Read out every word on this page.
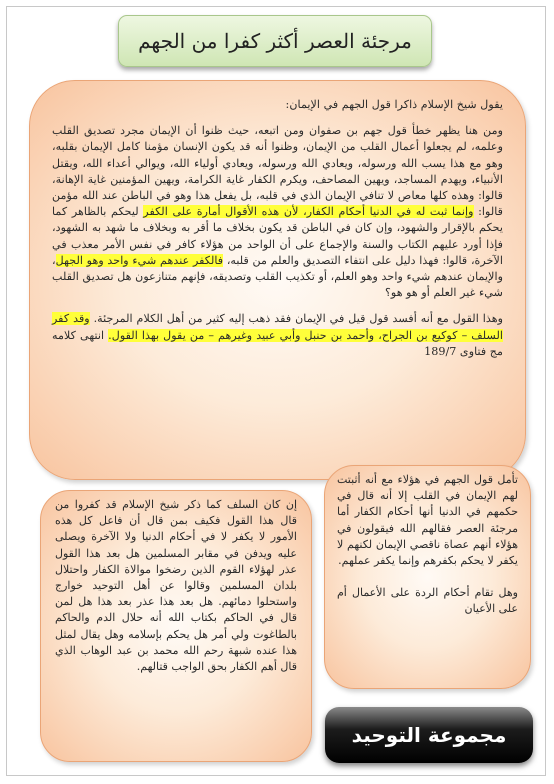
مرجئة العصر أكثر كفرا من الجهم

يقول شيخ الإسلام ذاكرا قول الجهم في الإيمان:

ومن هنا يظهر خطأ قول جهم بن صفوان ومن اتبعه، حيث ظنوا أن الإيمان مجرد تصديق القلب وعلمه، لم يجعلوا أعمال القلب من الإيمان، وظنوا أنه قد يكون الإنسان مؤمنا كامل الإيمان بقلبه، وهو مع هذا يسب الله ورسوله، ويعادي الله ورسوله، ويعادي أولياء الله، ويوالي أعداء الله، ويقتل الأنبياء، ويهدم المساجد، ويهين المصاحف، ويكرم الكفار غاية الكرامة، ويهين المؤمنين غاية الإهانة، قالوا: وهذه كلها معاص لا تنافي الإيمان الذي في قلبه، بل يفعل هذا وهو في الباطن عند الله مؤمن قالوا: وإنما ثبت له في الدنيا أحكام الكفار، لأن هذه الأقوال أمارة على الكفر ليحكم بالظاهر كما يحكم بالإقرار والشهود، وإن كان في الباطن قد يكون بخلاف ما أقر به وبخلاف ما شهد به الشهود، فإذا أورد عليهم الكتاب والسنة والإجماع على أن الواحد من هؤلاء كافر في نفس الأمر معذب في الآخرة، قالوا: فهذا دليل على انتفاء التصديق والعلم من قلبه، فالكفر عندهم شيء واحد وهو الجهل، والإيمان عندهم شيء واحد وهو العلم، أو تكذيب القلب وتصديقه، فإنهم متنازعون هل تصديق القلب شيء غير العلم أو هو هو؟

وهذا القول مع أنه أفسد قول قيل في الإيمان فقد ذهب إليه كثير من أهل الكلام المرجئة. وقد كفر السلف – كوكيع بن الجراح، وأحمد بن حنبل وأبي عبيد وغيرهم – من يقول بهذا القول. انتهى كلامه مج فتاوى 189/7

تأمل قول الجهم في هؤلاء مع أنه أثبتت لهم الإيمان في القلب إلا أنه قال في حكمهم في الدنيا أنها أحكام الكفار أما مرجئة العصر فقالهم الله فيقولون في هؤلاء أنهم عصاة ناقصي الإيمان لكنهم لا يكفر لا يحكم بكفرهم وإنما يكفر عملهم.

وهل تقام أحكام الردة على الأعمال أم على الأعيان

إن كان السلف كما ذكر شيخ الإسلام قد كفروا من قال هذا القول فكيف بمن قال أن فاعل كل هذه الأمور لا يكفر لا في أحكام الدنيا ولا الآخرة ويصلى عليه ويدفن في مقابر المسلمين هل بعد هذا القول عذر لهؤلاء القوم الذين رضخوا موالاة الكفار واحتلال بلدان المسلمين وقالوا عن أهل التوحيد خوارج واستحلوا دمائهم. هل بعد هذا عذر بعد هذا هل لمن قال في الحاكم بكتاب الله أنه حلال الدم والحاكم بالطاغوت ولي أمر هل يحكم بإسلامه وهل يقال لمثل هذا عنده شبهة رحم الله محمد بن عبد الوهاب الذي قال أهم الكفار بحق الواجب قتالهم.
مجموعة التوحيد
